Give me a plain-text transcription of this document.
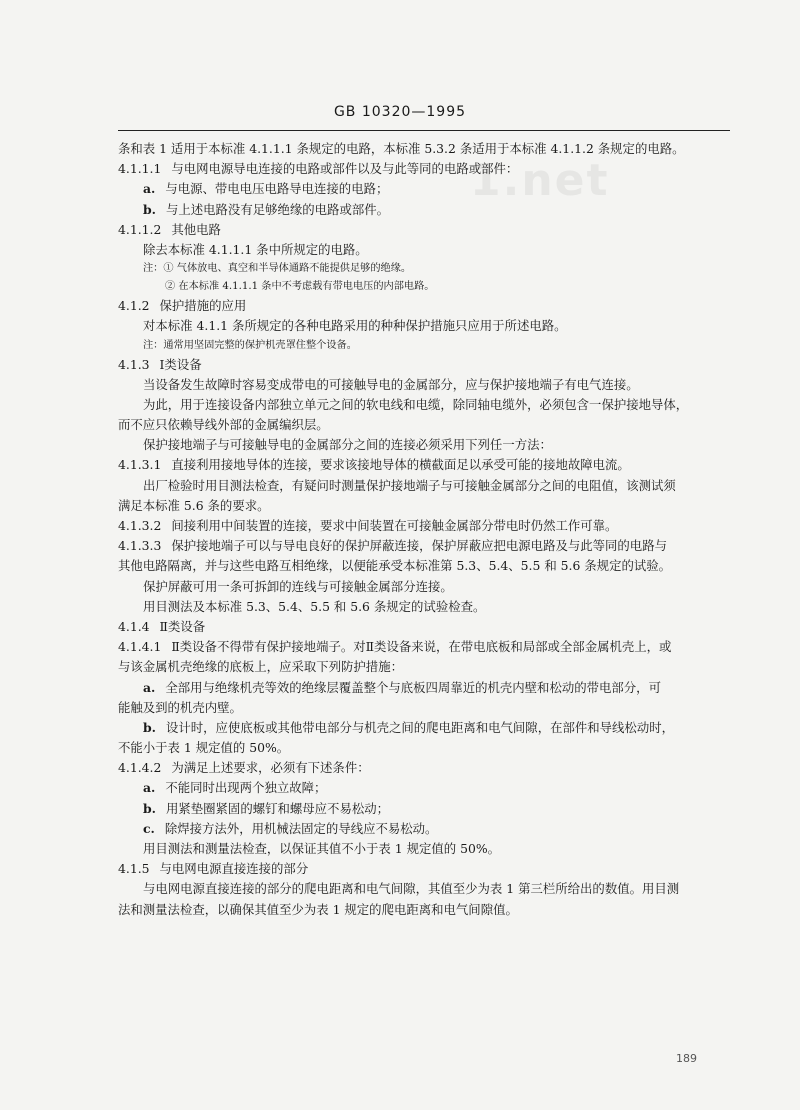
1.net
GB 10320—1995
条和表 1 适用于本标准 4.1.1.1 条规定的电路，本标准 5.3.2 条适用于本标准 4.1.1.2 条规定的电路。
4.1.1.1 与电网电源导电连接的电路或部件以及与此等同的电路或部件：
a. 与电源、带电电压电路导电连接的电路；
b. 与上述电路没有足够绝缘的电路或部件。
4.1.1.2 其他电路
除去本标准 4.1.1.1 条中所规定的电路。
注：① 气体放电、真空和半导体通路不能提供足够的绝缘。
② 在本标准 4.1.1.1 条中不考虑载有带电电压的内部电路。
4.1.2 保护措施的应用
对本标准 4.1.1 条所规定的各种电路采用的种种保护措施只应用于所述电路。
注：通常用坚固完整的保护机壳罩住整个设备。
4.1.3 Ⅰ类设备
当设备发生故障时容易变成带电的可接触导电的金属部分，应与保护接地端子有电气连接。
为此，用于连接设备内部独立单元之间的软电线和电缆，除同轴电缆外，必须包含一保护接地导体，
而不应只依赖导线外部的金属编织层。
保护接地端子与可接触导电的金属部分之间的连接必须采用下列任一方法：
4.1.3.1 直接利用接地导体的连接，要求该接地导体的横截面足以承受可能的接地故障电流。
出厂检验时用目测法检查，有疑问时测量保护接地端子与可接触金属部分之间的电阻值，该测试须
满足本标准 5.6 条的要求。
4.1.3.2 间接利用中间装置的连接，要求中间装置在可接触金属部分带电时仍然工作可靠。
4.1.3.3 保护接地端子可以与导电良好的保护屏蔽连接，保护屏蔽应把电源电路及与此等同的电路与
其他电路隔离，并与这些电路互相绝缘，以便能承受本标准第 5.3、5.4、5.5 和 5.6 条规定的试验。
保护屏蔽可用一条可拆卸的连线与可接触金属部分连接。
用目测法及本标准 5.3、5.4、5.5 和 5.6 条规定的试验检查。
4.1.4 Ⅱ类设备
4.1.4.1 Ⅱ类设备不得带有保护接地端子。对Ⅱ类设备来说，在带电底板和局部或全部金属机壳上，或
与该金属机壳绝缘的底板上，应采取下列防护措施：
a. 全部用与绝缘机壳等效的绝缘层覆盖整个与底板四周靠近的机壳内壁和松动的带电部分，可
能触及到的机壳内壁。
b. 设计时，应使底板或其他带电部分与机壳之间的爬电距离和电气间隙，在部件和导线松动时，
不能小于表 1 规定值的 50%。
4.1.4.2 为满足上述要求，必须有下述条件：
a. 不能同时出现两个独立故障；
b. 用紧垫圈紧固的螺钉和螺母应不易松动；
c. 除焊接方法外，用机械法固定的导线应不易松动。
用目测法和测量法检查，以保证其值不小于表 1 规定值的 50%。
4.1.5 与电网电源直接连接的部分
与电网电源直接连接的部分的爬电距离和电气间隙，其值至少为表 1 第三栏所给出的数值。用目测
法和测量法检查，以确保其值至少为表 1 规定的爬电距离和电气间隙值。
189
